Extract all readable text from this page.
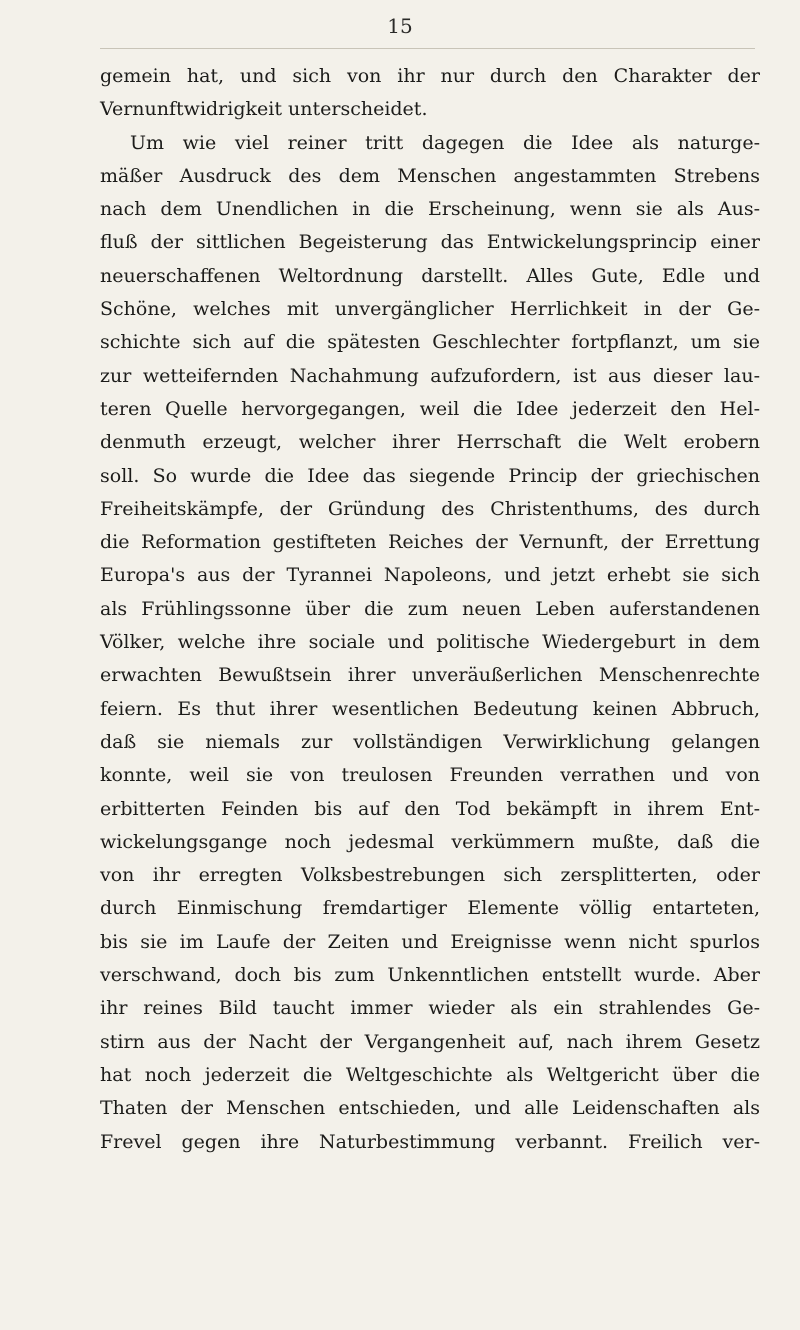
15
gemein hat, und sich von ihr nur durch den Charakter der
Vernunftwidrigkeit unterscheidet.
Um wie viel reiner tritt dagegen die Idee als naturge-
mäßer Ausdruck des dem Menschen angestammten Strebens
nach dem Unendlichen in die Erscheinung, wenn sie als Aus-
fluß der sittlichen Begeisterung das Entwickelungsprincip einer
neuerschaffenen Weltordnung darstellt. Alles Gute, Edle und
Schöne, welches mit unvergänglicher Herrlichkeit in der Ge-
schichte sich auf die spätesten Geschlechter fortpflanzt, um sie
zur wetteifernden Nachahmung aufzufordern, ist aus dieser lau-
teren Quelle hervorgegangen, weil die Idee jederzeit den Hel-
denmuth erzeugt, welcher ihrer Herrschaft die Welt erobern
soll. So wurde die Idee das siegende Princip der griechischen
Freiheitskämpfe, der Gründung des Christenthums, des durch
die Reformation gestifteten Reiches der Vernunft, der Errettung
Europa's aus der Tyrannei Napoleons, und jetzt erhebt sie sich
als Frühlingssonne über die zum neuen Leben auferstandenen
Völker, welche ihre sociale und politische Wiedergeburt in dem
erwachten Bewußtsein ihrer unveräußerlichen Menschenrechte
feiern. Es thut ihrer wesentlichen Bedeutung keinen Abbruch,
daß sie niemals zur vollständigen Verwirklichung gelangen
konnte, weil sie von treulosen Freunden verrathen und von
erbitterten Feinden bis auf den Tod bekämpft in ihrem Ent-
wickelungsgange noch jedesmal verkümmern mußte, daß die
von ihr erregten Volksbestrebungen sich zersplitterten, oder
durch Einmischung fremdartiger Elemente völlig entarteten,
bis sie im Laufe der Zeiten und Ereignisse wenn nicht spurlos
verschwand, doch bis zum Unkenntlichen entstellt wurde. Aber
ihr reines Bild taucht immer wieder als ein strahlendes Ge-
stirn aus der Nacht der Vergangenheit auf, nach ihrem Gesetz
hat noch jederzeit die Weltgeschichte als Weltgericht über die
Thaten der Menschen entschieden, und alle Leidenschaften als
Frevel gegen ihre Naturbestimmung verbannt. Freilich ver-
